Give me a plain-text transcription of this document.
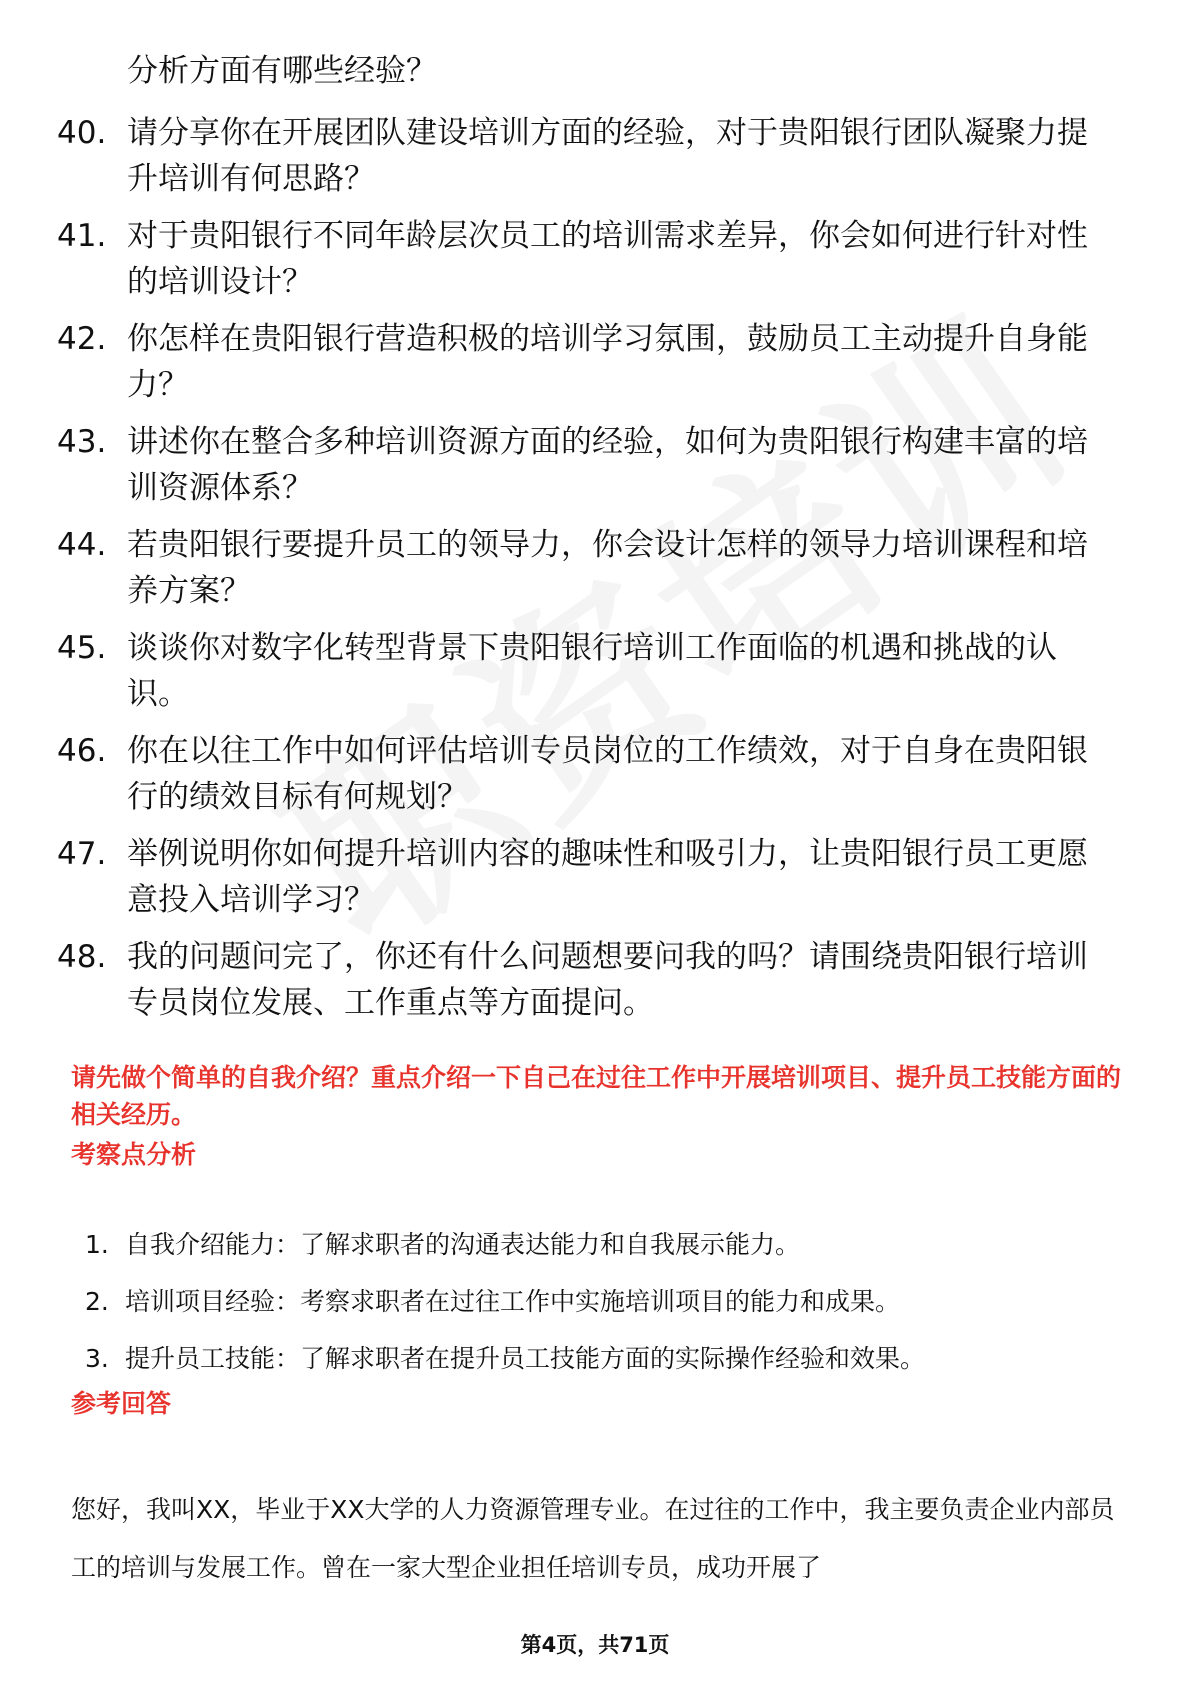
分析方面有哪些经验？
40. 请分享你在开展团队建设培训方面的经验，对于贵阳银行团队凝聚力提升培训有何思路？
41. 对于贵阳银行不同年龄层次员工的培训需求差异，你会如何进行针对性的培训设计？
42. 你怎样在贵阳银行营造积极的培训学习氛围，鼓励员工主动提升自身能力？
43. 讲述你在整合多种培训资源方面的经验，如何为贵阳银行构建丰富的培训资源体系？
44. 若贵阳银行要提升员工的领导力，你会设计怎样的领导力培训课程和培养方案？
45. 谈谈你对数字化转型背景下贵阳银行培训工作面临的机遇和挑战的认识。
46. 你在以往工作中如何评估培训专员岗位的工作绩效，对于自身在贵阳银行的绩效目标有何规划？
47. 举例说明你如何提升培训内容的趣味性和吸引力，让贵阳银行员工更愿意投入培训学习？
48. 我的问题问完了，你还有什么问题想要问我的吗？请围绕贵阳银行培训专员岗位发展、工作重点等方面提问。
请先做个简单的自我介绍？重点介绍一下自己在过往工作中开展培训项目、提升员工技能方面的相关经历。
考察点分析
1. 自我介绍能力：了解求职者的沟通表达能力和自我展示能力。
2. 培训项目经验：考察求职者在过往工作中实施培训项目的能力和成果。
3. 提升员工技能：了解求职者在提升员工技能方面的实际操作经验和效果。
参考回答
您好，我叫XX，毕业于XX大学的人力资源管理专业。在过往的工作中，我主要负责企业内部员工的培训与发展工作。曾在一家大型企业担任培训专员，成功开展了
第4页，共71页
